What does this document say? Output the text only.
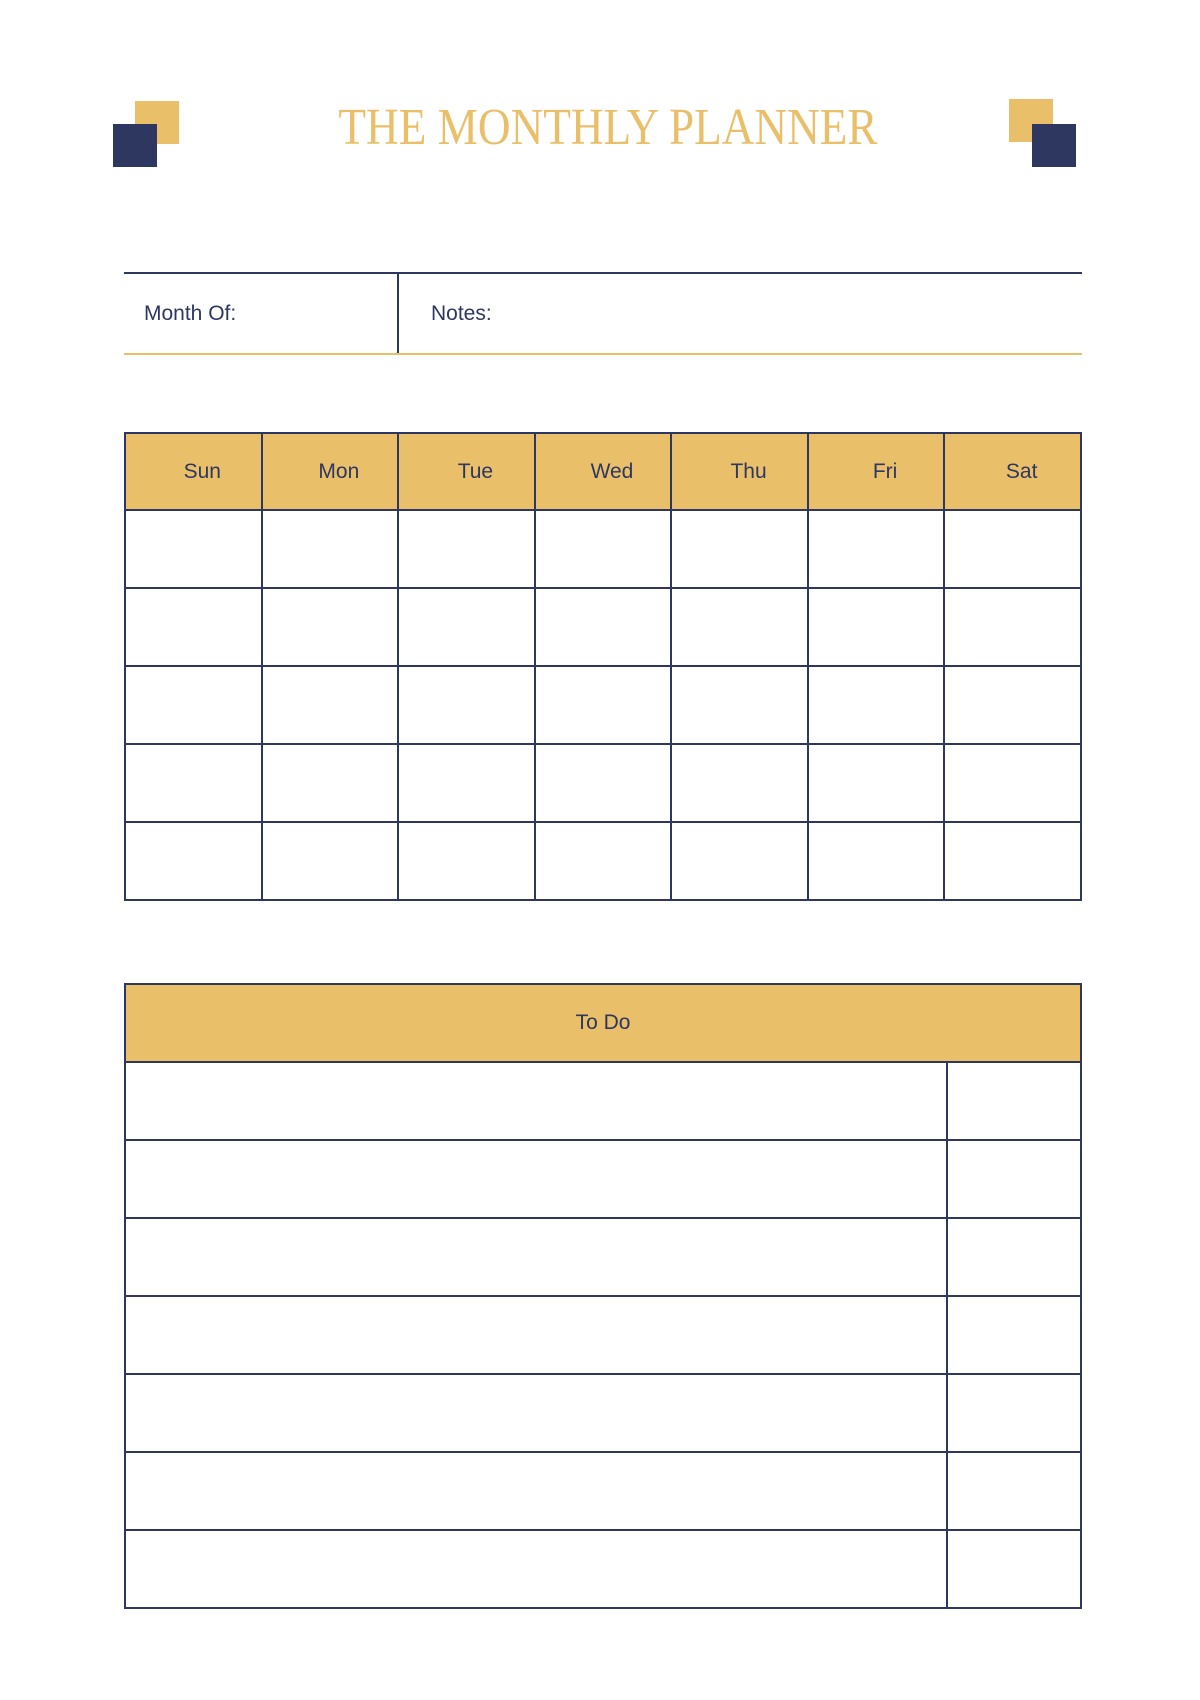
THE MONTHLY PLANNER
Month Of:	Notes:
Sun	Mon	Tue	Wed	Thu	Fri	Sat

To Do	
